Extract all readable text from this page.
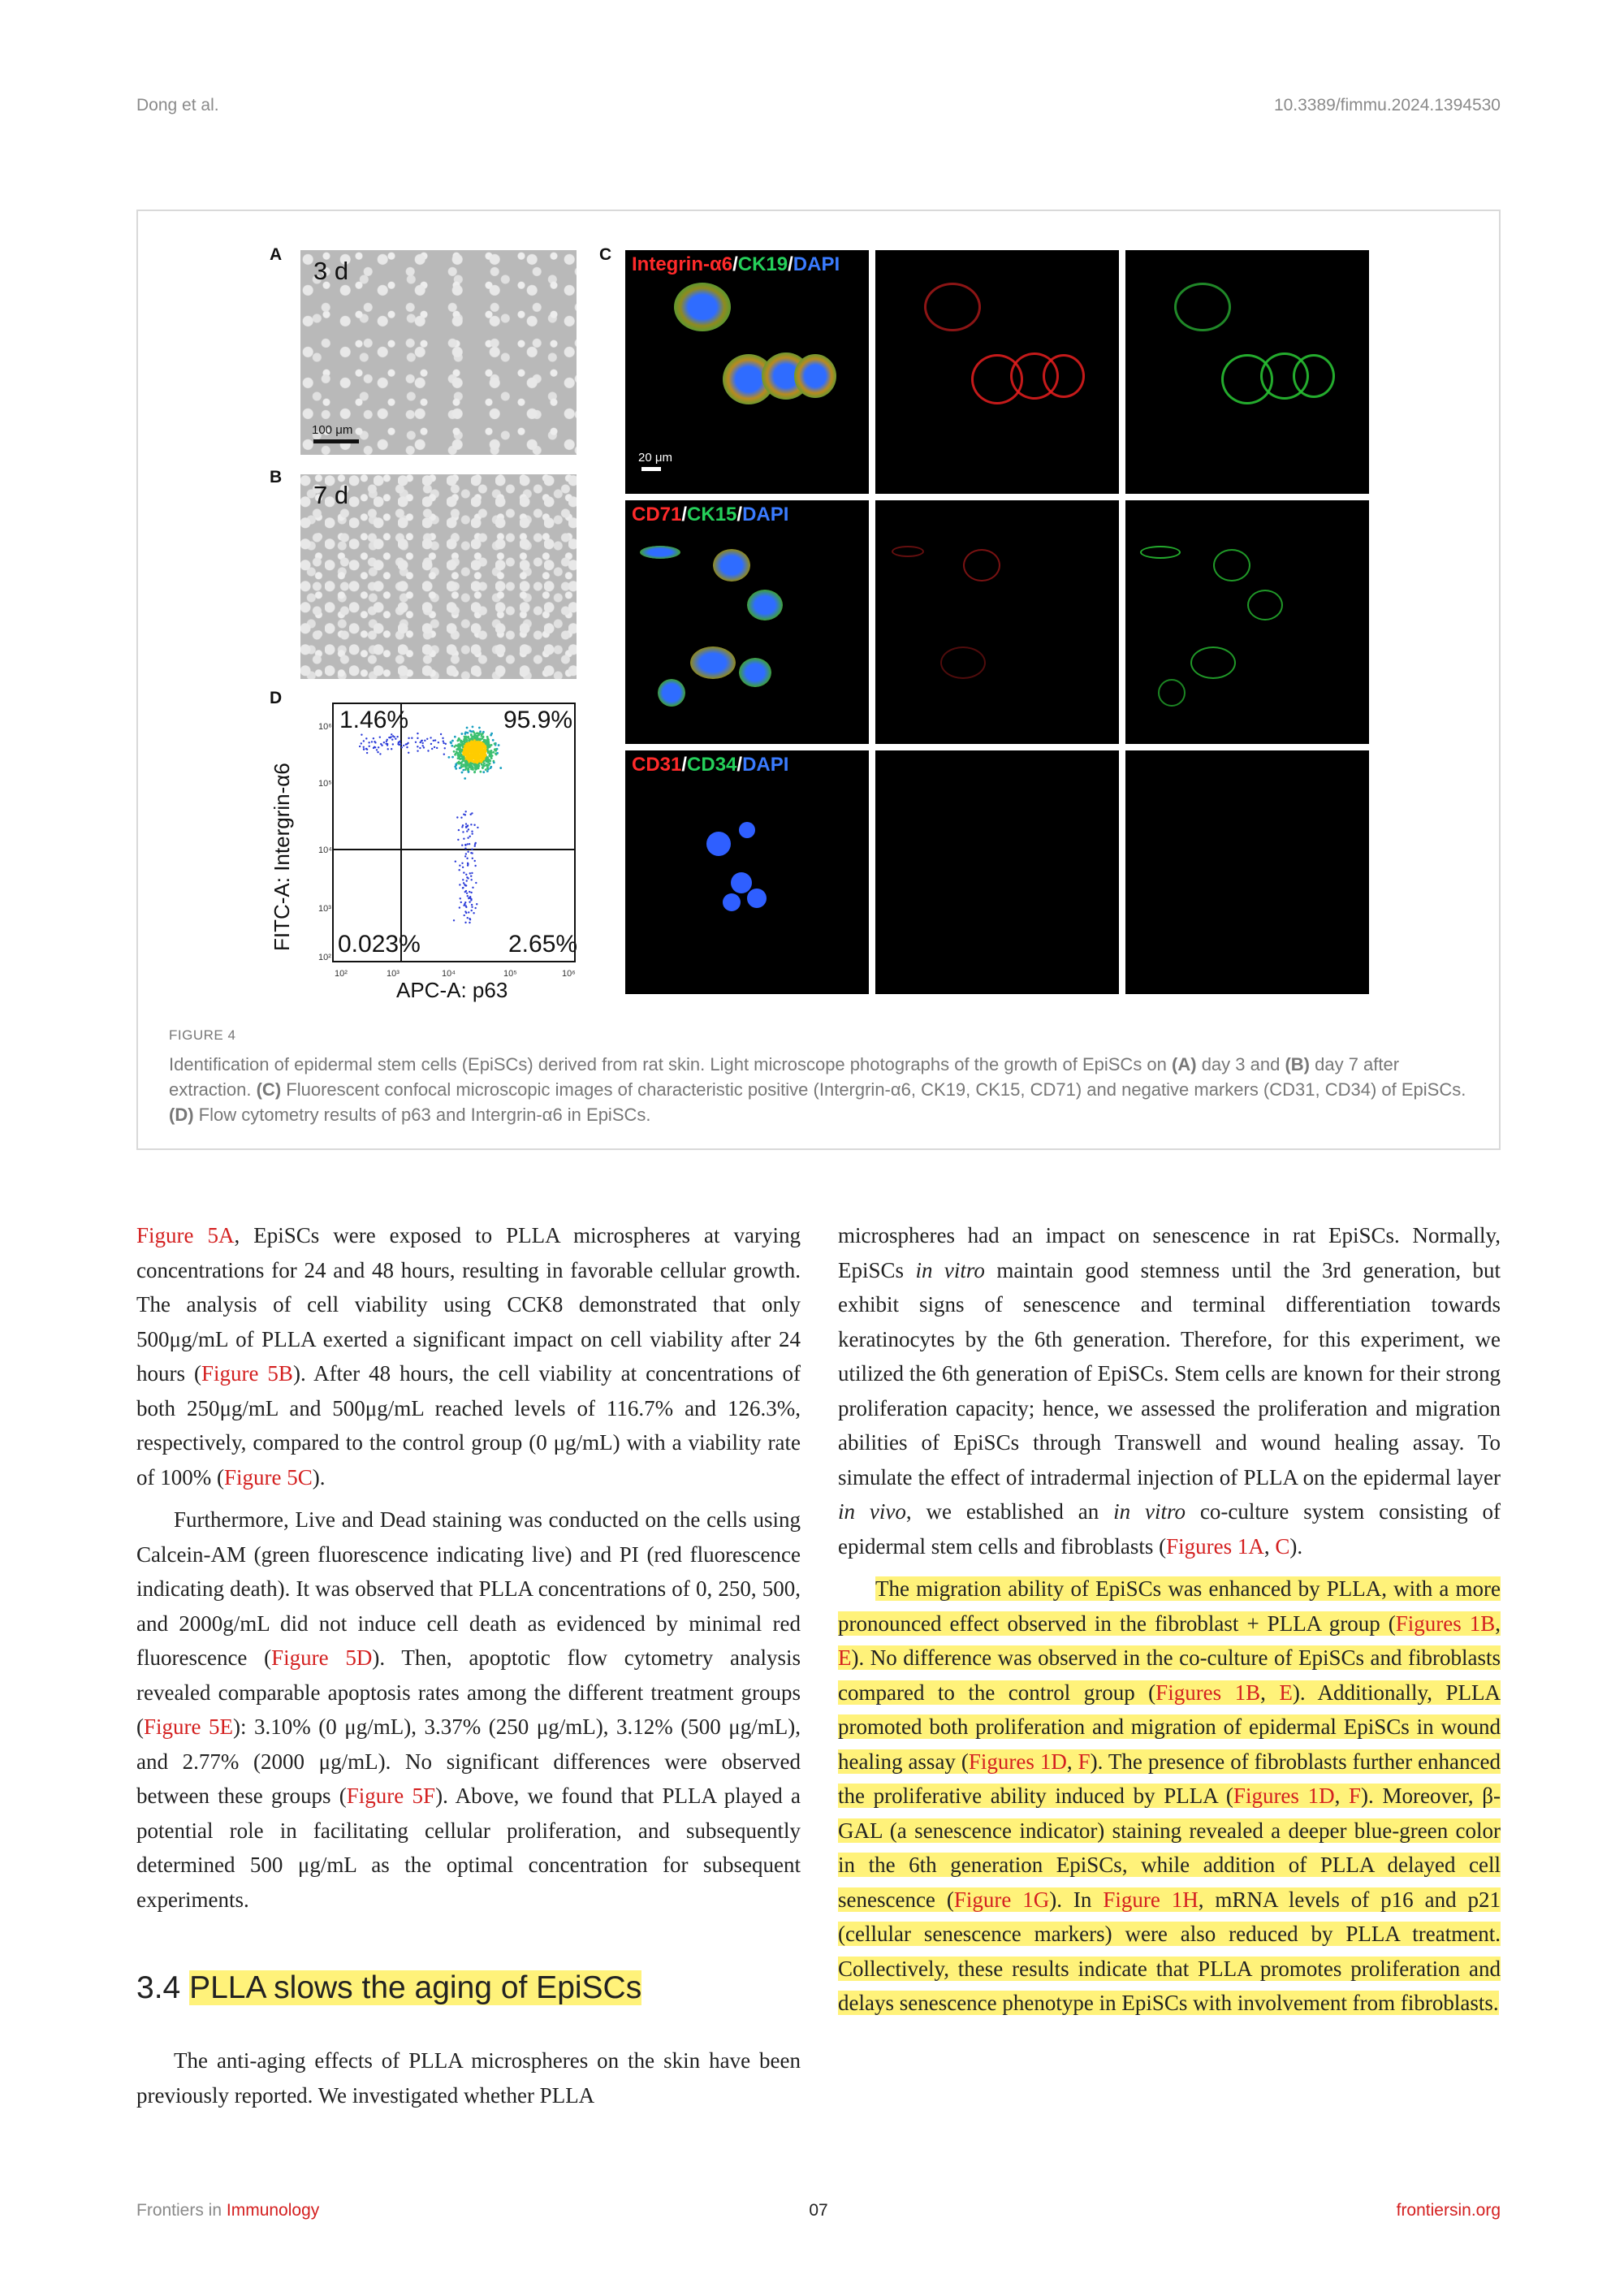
Dong et al.	10.3389/fimmu.2024.1394530
A
3 d
100 μm
B
7 d
D
10⁶
10⁵
10⁴
10³
10²
10²	10³	10⁴	10⁵	10⁶
1.46%	95.9%
0.023%	2.65%
FITC-A: Intergrin-α6
APC-A: p63
C Integrin-α6/CK19/DAPI
20 μm
CD71/CK15/DAPI
CD31/CD34/DAPI
FIGURE 4
Identification of epidermal stem cells (EpiSCs) derived from rat skin. Light microscope photographs of the growth of EpiSCs on (A) day 3 and (B) day 7 after extraction. (C) Fluorescent confocal microscopic images of characteristic positive (Intergrin-α6, CK19, CK15, CD71) and negative markers (CD31, CD34) of EpiSCs. (D) Flow cytometry results of p63 and Intergrin-α6 in EpiSCs.

Figure 5A, EpiSCs were exposed to PLLA microspheres at varying concentrations for 24 and 48 hours, resulting in favorable cellular growth. The analysis of cell viability using CCK8 demonstrated that only 500μg/mL of PLLA exerted a significant impact on cell viability after 24 hours (Figure 5B). After 48 hours, the cell viability at concentrations of both 250μg/mL and 500μg/mL reached levels of 116.7% and 126.3%, respectively, compared to the control group (0 μg/mL) with a viability rate of 100% (Figure 5C).

Furthermore, Live and Dead staining was conducted on the cells using Calcein-AM (green fluorescence indicating live) and PI (red fluorescence indicating death). It was observed that PLLA concentrations of 0, 250, 500, and 2000g/mL did not induce cell death as evidenced by minimal red fluorescence (Figure 5D). Then, apoptotic flow cytometry analysis revealed comparable apoptosis rates among the different treatment groups (Figure 5E): 3.10% (0 μg/mL), 3.37% (250 μg/mL), 3.12% (500 μg/mL), and 2.77% (2000 μg/mL). No significant differences were observed between these groups (Figure 5F). Above, we found that PLLA played a potential role in facilitating cellular proliferation, and subsequently determined 500 μg/mL as the optimal concentration for subsequent experiments.

3.4 PLLA slows the aging of EpiSCs

The anti-aging effects of PLLA microspheres on the skin have been previously reported. We investigated whether PLLA

microspheres had an impact on senescence in rat EpiSCs. Normally, EpiSCs in vitro maintain good stemness until the 3rd generation, but exhibit signs of senescence and terminal differentiation towards keratinocytes by the 6th generation. Therefore, for this experiment, we utilized the 6th generation of EpiSCs. Stem cells are known for their strong proliferation capacity; hence, we assessed the proliferation and migration abilities of EpiSCs through Transwell and wound healing assay. To simulate the effect of intradermal injection of PLLA on the epidermal layer in vivo, we established an in vitro co-culture system consisting of epidermal stem cells and fibroblasts (Figures 1A, C).

The migration ability of EpiSCs was enhanced by PLLA, with a more pronounced effect observed in the fibroblast + PLLA group (Figures 1B, E). No difference was observed in the co-culture of EpiSCs and fibroblasts compared to the control group (Figures 1B, E). Additionally, PLLA promoted both proliferation and migration of epidermal EpiSCs in wound healing assay (Figures 1D, F). The presence of fibroblasts further enhanced the proliferative ability induced by PLLA (Figures 1D, F). Moreover, β-GAL (a senescence indicator) staining revealed a deeper blue-green color in the 6th generation EpiSCs, while addition of PLLA delayed cell senescence (Figure 1G). In Figure 1H, mRNA levels of p16 and p21 (cellular senescence markers) were also reduced by PLLA treatment. Collectively, these results indicate that PLLA promotes proliferation and delays senescence phenotype in EpiSCs with involvement from fibroblasts.

Frontiers in Immunology	07	frontiersin.org
